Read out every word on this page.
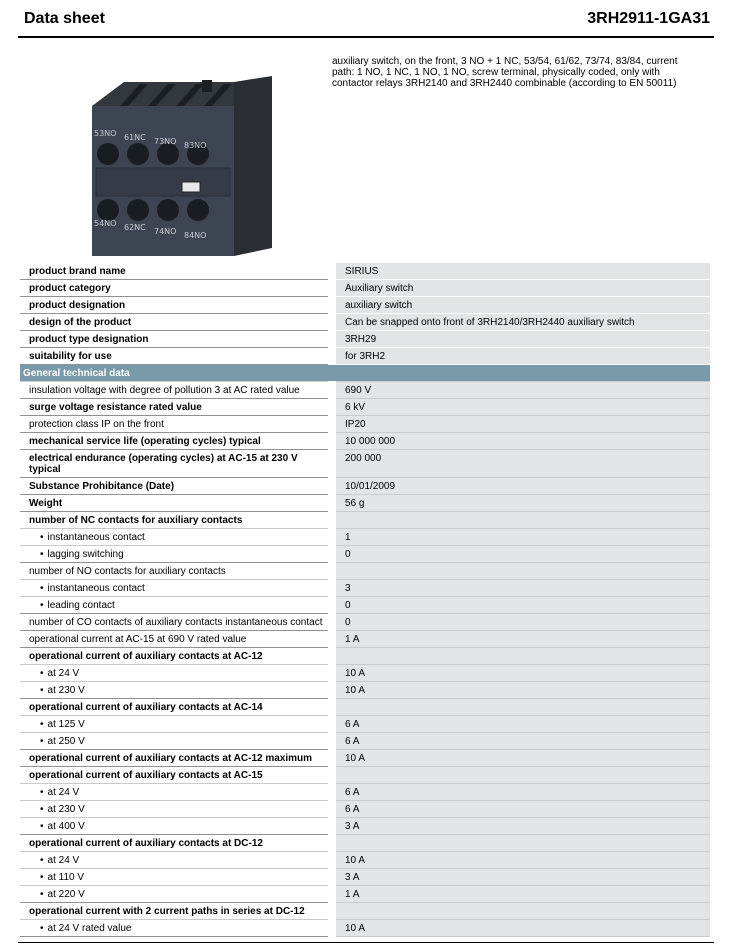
Data sheet	3RH2911-1GA31
53NO 61NC 73NO 83NO
54NO 62NC 74NO 84NO
auxiliary switch, on the front, 3 NO + 1 NC, 53/54, 61/62, 73/74, 83/84, current path: 1 NO, 1 NC, 1 NO, 1 NO, screw terminal, physically coded, only with contactor relays 3RH2140 and 3RH2440 combinable (according to EN 50011)
product brand name	SIRIUS
product category	Auxiliary switch
product designation	auxiliary switch
design of the product	Can be snapped onto front of 3RH2140/3RH2440 auxiliary switch
product type designation	3RH29
suitability for use	for 3RH2
General technical data	
insulation voltage with degree of pollution 3 at AC rated value	690 V
surge voltage resistance rated value	6 kV
protection class IP on the front	IP20
mechanical service life (operating cycles) typical	10 000 000
electrical endurance (operating cycles) at AC-15 at 230 V typical	200 000
Substance Prohibitance (Date)	10/01/2009
Weight	56 g
number of NC contacts for auxiliary contacts	
• instantaneous contact	1
• lagging switching	0
number of NO contacts for auxiliary contacts	
• instantaneous contact	3
• leading contact	0
number of CO contacts of auxiliary contacts instantaneous contact	0
operational current at AC-15 at 690 V rated value	1 A
operational current of auxiliary contacts at AC-12	
• at 24 V	10 A
• at 230 V	10 A
operational current of auxiliary contacts at AC-14	
• at 125 V	6 A
• at 250 V	6 A
operational current of auxiliary contacts at AC-12 maximum	10 A
operational current of auxiliary contacts at AC-15	
• at 24 V	6 A
• at 230 V	6 A
• at 400 V	3 A
operational current of auxiliary contacts at DC-12	
• at 24 V	10 A
• at 110 V	3 A
• at 220 V	1 A
operational current with 2 current paths in series at DC-12	
• at 24 V rated value	10 A
